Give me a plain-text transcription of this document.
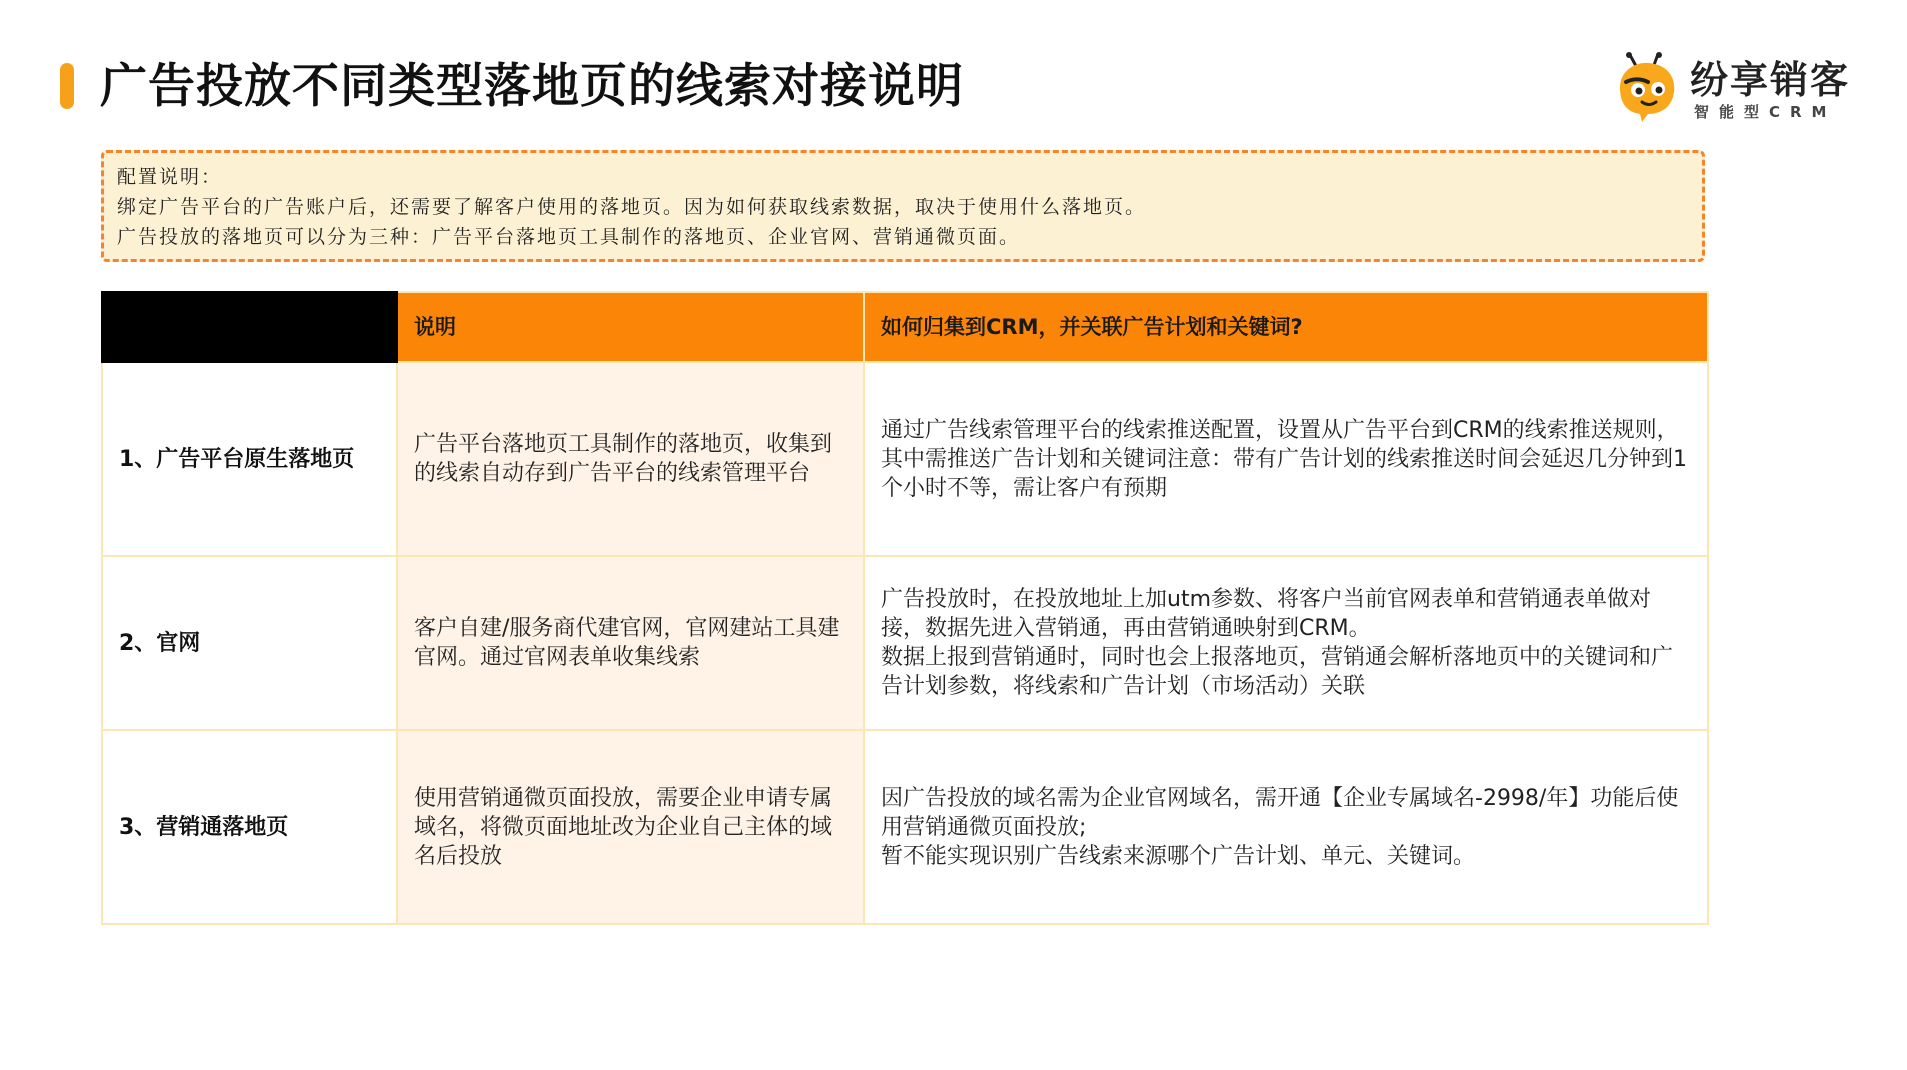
广告投放不同类型落地页的线索对接说明	纷享销客
智能型CRM
配置说明：
绑定广告平台的广告账户后，还需要了解客户使用的落地页。因为如何获取线索数据，取决于使用什么落地页。
广告投放的落地页可以分为三种：广告平台落地页工具制作的落地页、企业官网、营销通微页面。
	说明	如何归集到CRM，并关联广告计划和关键词?
1、广告平台原生落地页	广告平台落地页工具制作的落地页，收集到的线索自动存到广告平台的线索管理平台	通过广告线索管理平台的线索推送配置，设置从广告平台到CRM的线索推送规则，其中需推送广告计划和关键词注意：带有广告计划的线索推送时间会延迟几分钟到1个小时不等，需让客户有预期

2、官网	客户自建/服务商代建官网，官网建站工具建官网。通过官网表单收集线索	广告投放时，在投放地址上加utm参数、将客户当前官网表单和营销通表单做对接，数据先进入营销通，再由营销通映射到CRM。
数据上报到营销通时，同时也会上报落地页，营销通会解析落地页中的关键词和广告计划参数，将线索和广告计划（市场活动）关联

3、营销通落地页	使用营销通微页面投放，需要企业申请专属域名，将微页面地址改为企业自己主体的域名后投放	因广告投放的域名需为企业官网域名，需开通【企业专属域名-2998/年】功能后使用营销通微页面投放;
暂不能实现识别广告线索来源哪个广告计划、单元、关键词。
